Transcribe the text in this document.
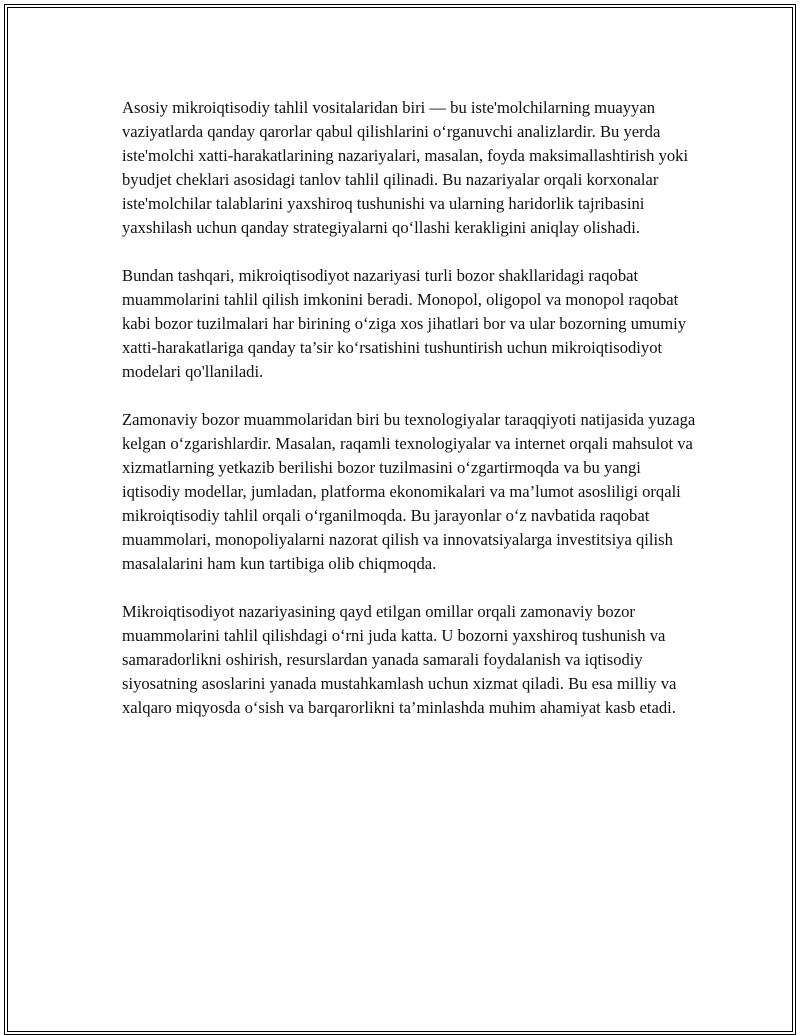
Asosiy mikroiqtisodiy tahlil vositalaridan biri — bu iste'molchilarning muayyan vaziyatlarda qanday qarorlar qabul qilishlarini o‘rganuvchi analizlardir. Bu yerda iste'molchi xatti-harakatlarining nazariyalari, masalan, foyda maksimallashtirish yoki byudjet cheklari asosidagi tanlov tahlil qilinadi. Bu nazariyalar orqali korxonalar iste'molchilar talablarini yaxshiroq tushunishi va ularning haridorlik tajribasini yaxshilash uchun qanday strategiyalarni qo‘llashi kerakligini aniqlay olishadi.

Bundan tashqari, mikroiqtisodiyot nazariyasi turli bozor shakllaridagi raqobat muammolarini tahlil qilish imkonini beradi. Monopol, oligopol va monopol raqobat kabi bozor tuzilmalari har birining o‘ziga xos jihatlari bor va ular bozorning umumiy xatti-harakatlariga qanday ta’sir ko‘rsatishini tushuntirish uchun mikroiqtisodiyot modelari qo'llaniladi.

Zamonaviy bozor muammolaridan biri bu texnologiyalar taraqqiyoti natijasida yuzaga kelgan o‘zgarishlardir. Masalan, raqamli texnologiyalar va internet orqali mahsulot va xizmatlarning yetkazib berilishi bozor tuzilmasini o‘zgartirmoqda va bu yangi iqtisodiy modellar, jumladan, platforma ekonomikalari va ma’lumot asosliligi orqali mikroiqtisodiy tahlil orqali o‘rganilmoqda. Bu jarayonlar o‘z navbatida raqobat muammolari, monopoliyalarni nazorat qilish va innovatsiyalarga investitsiya qilish masalalarini ham kun tartibiga olib chiqmoqda.

Mikroiqtisodiyot nazariyasining qayd etilgan omillar orqali zamonaviy bozor muammolarini tahlil qilishdagi o‘rni juda katta. U bozorni yaxshiroq tushunish va samaradorlikni oshirish, resurslardan yanada samarali foydalanish va iqtisodiy siyosatning asoslarini yanada mustahkamlash uchun xizmat qiladi. Bu esa milliy va xalqaro miqyosda o‘sish va barqarorlikni ta’minlashda muhim ahamiyat kasb etadi.
